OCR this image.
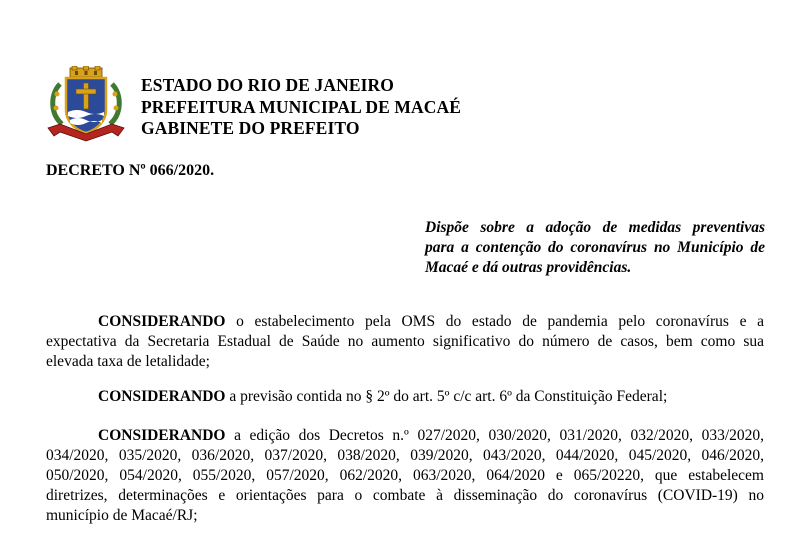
ESTADO DO RIO DE JANEIRO
PREFEITURA MUNICIPAL DE MACAÉ
GABINETE DO PREFEITO
DECRETO Nº 066/2020.
Dispõe sobre a adoção de medidas preventivas
para a contenção do coronavírus no Município de
Macaé e dá outras providências.
CONSIDERANDO o estabelecimento pela OMS do estado de pandemia pelo coronavírus e a
expectativa da Secretaria Estadual de Saúde no aumento significativo do número de casos, bem como sua
elevada taxa de letalidade;
CONSIDERANDO a previsão contida no § 2º do art. 5º c/c art. 6º da Constituição Federal;
CONSIDERANDO a edição dos Decretos n.º 027/2020, 030/2020, 031/2020, 032/2020, 033/2020,
034/2020, 035/2020, 036/2020, 037/2020, 038/2020, 039/2020, 043/2020, 044/2020, 045/2020, 046/2020,
050/2020, 054/2020, 055/2020, 057/2020, 062/2020, 063/2020, 064/2020 e 065/20220, que estabelecem
diretrizes, determinações e orientações para o combate à disseminação do coronavírus (COVID-19) no
município de Macaé/RJ;
